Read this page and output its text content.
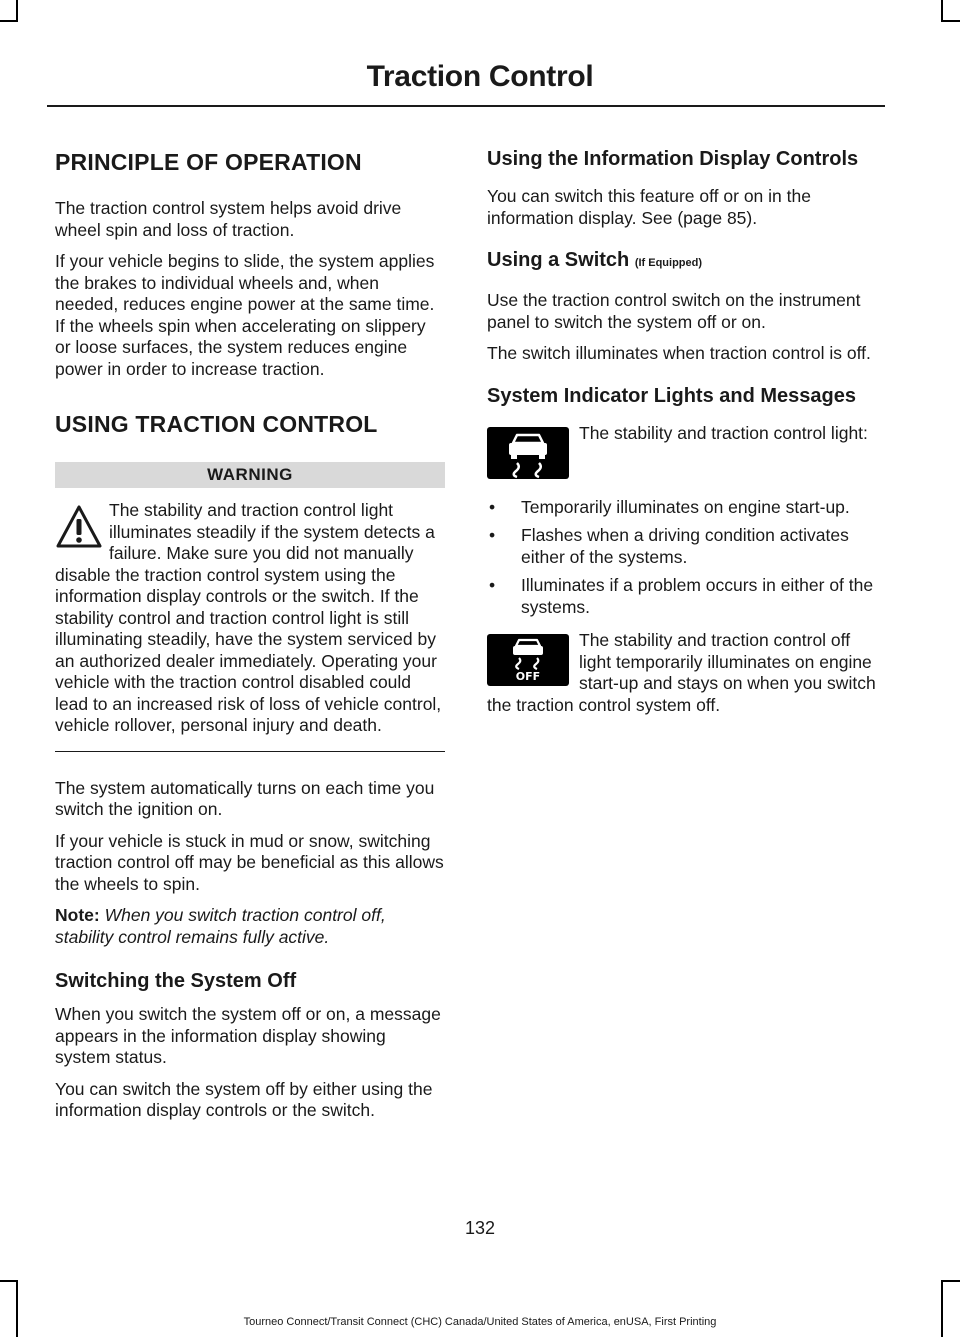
Traction Control
PRINCIPLE OF OPERATION

The traction control system helps avoid drive wheel spin and loss of traction.

If your vehicle begins to slide, the system applies the brakes to individual wheels and, when needed, reduces engine power at the same time. If the wheels spin when accelerating on slippery or loose surfaces, the system reduces engine power in order to increase traction.

USING TRACTION CONTROL
WARNING

The stability and traction control light illuminates steadily if the system detects a failure. Make sure you did not manually disable the traction control system using the information display controls or the switch. If the stability control and traction control light is still illuminating steadily, have the system serviced by an authorized dealer immediately. Operating your vehicle with the traction control disabled could lead to an increased risk of loss of vehicle control, vehicle rollover, personal injury and death.

The system automatically turns on each time you switch the ignition on.

If your vehicle is stuck in mud or snow, switching traction control off may be beneficial as this allows the wheels to spin.

Note: When you switch traction control off, stability control remains fully active.

Switching the System Off

When you switch the system off or on, a message appears in the information display showing system status.

You can switch the system off by either using the information display controls or the switch.

Using the Information Display Controls

You can switch this feature off or on in the information display. See (page 85).

Using a Switch (If Equipped)

Use the traction control switch on the instrument panel to switch the system off or on.

The switch illuminates when traction control is off.

System Indicator Lights and Messages

The stability and traction control light:

• Temporarily illuminates on engine start-up.
• Flashes when a driving condition activates either of the systems.
• Illuminates if a problem occurs in either of the systems.
OFF

The stability and traction control off light temporarily illuminates on engine start-up and stays on when you switch the traction control system off.

132
Tourneo Connect/Transit Connect (CHC) Canada/United States of America, enUSA, First Printing
